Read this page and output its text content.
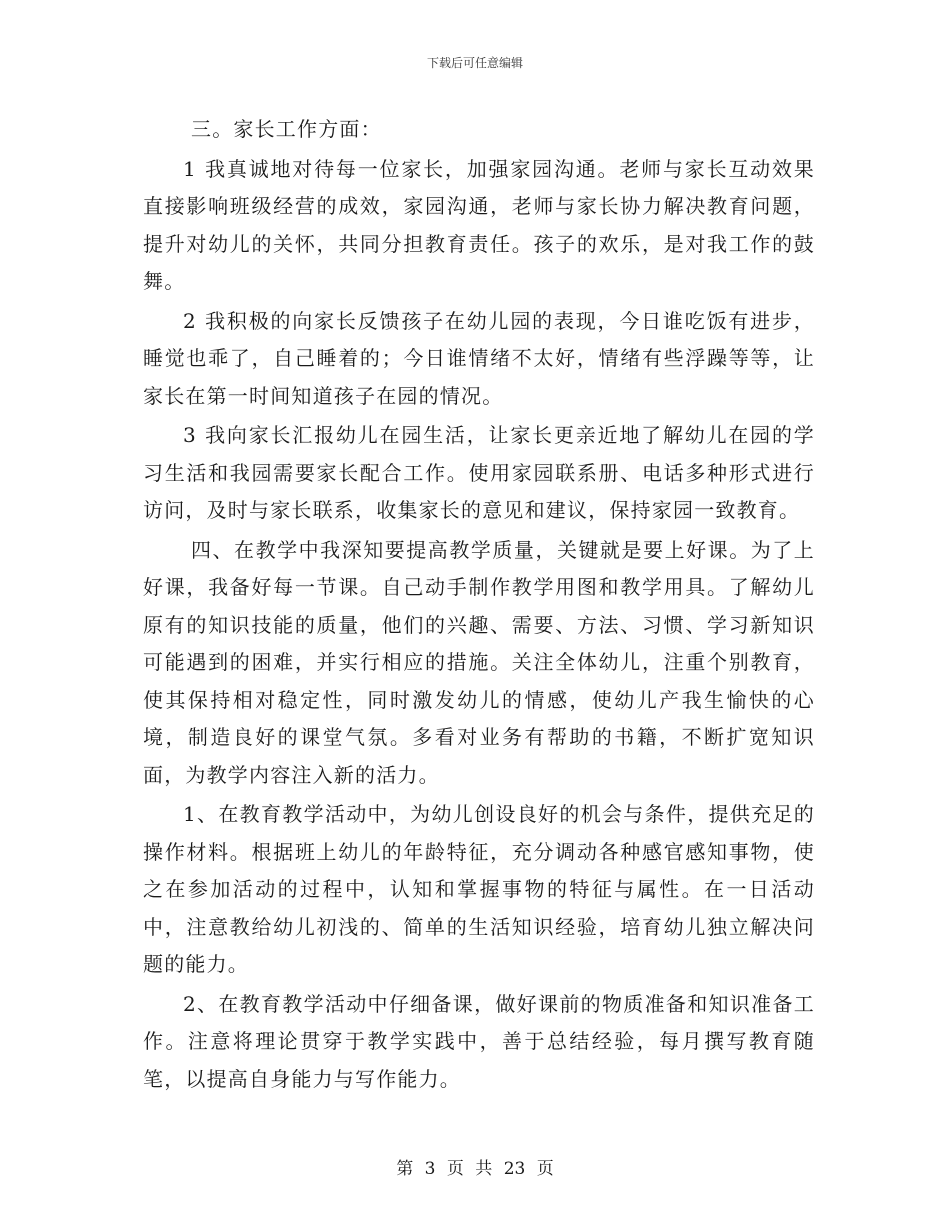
下载后可任意编辑

三。家长工作方面：

1 我真诚地对待每一位家长，加强家园沟通。老师与家长互动效果直接影响班级经营的成效，家园沟通，老师与家长协力解决教育问题，提升对幼儿的关怀，共同分担教育责任。孩子的欢乐，是对我工作的鼓舞。

2 我积极的向家长反馈孩子在幼儿园的表现，今日谁吃饭有进步，睡觉也乖了，自己睡着的；今日谁情绪不太好，情绪有些浮躁等等，让家长在第一时间知道孩子在园的情况。

3 我向家长汇报幼儿在园生活，让家长更亲近地了解幼儿在园的学习生活和我园需要家长配合工作。使用家园联系册、电话多种形式进行访问，及时与家长联系，收集家长的意见和建议，保持家园一致教育。

四、在教学中我深知要提高教学质量，关键就是要上好课。为了上好课，我备好每一节课。自己动手制作教学用图和教学用具。了解幼儿原有的知识技能的质量，他们的兴趣、需要、方法、习惯、学习新知识可能遇到的困难，并实行相应的措施。关注全体幼儿，注重个别教育，使其保持相对稳定性，同时激发幼儿的情感，使幼儿产我生愉快的心境，制造良好的课堂气氛。多看对业务有帮助的书籍，不断扩宽知识面，为教学内容注入新的活力。

1、在教育教学活动中，为幼儿创设良好的机会与条件，提供充足的操作材料。根据班上幼儿的年龄特征，充分调动各种感官感知事物，使之在参加活动的过程中，认知和掌握事物的特征与属性。在一日活动中，注意教给幼儿初浅的、简单的生活知识经验，培育幼儿独立解决问题的能力。

2、在教育教学活动中仔细备课，做好课前的物质准备和知识准备工作。注意将理论贯穿于教学实践中，善于总结经验，每月撰写教育随笔，以提高自身能力与写作能力。

第 3 页 共 23 页
